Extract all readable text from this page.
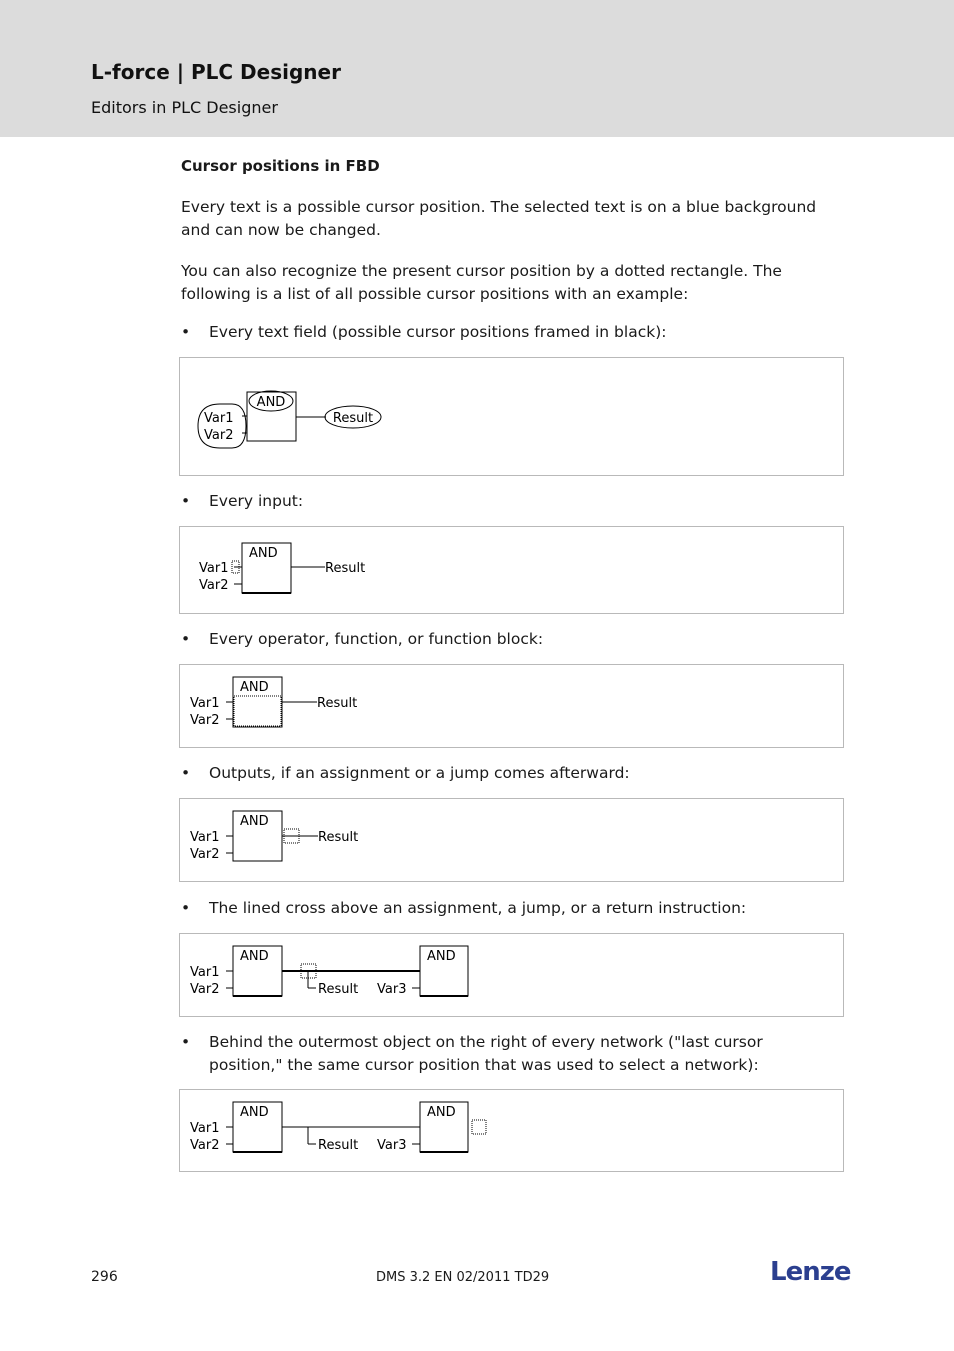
L-force | PLC Designer
Editors in PLC Designer
Cursor positions in FBD
Every text is a possible cursor position. The selected text is on a blue background and can now be changed.
You can also recognize the present cursor position by a dotted rectangle. The following is a list of all possible cursor positions with an example:
• Every text field (possible cursor positions framed in black):
AND
Var1
Var2
Result
• Every input:
AND
Var1
Var2
Result
• Every operator, function, or function block:
AND
Var1
Var2
Result
• Outputs, if an assignment or a jump comes afterward:
AND
Var1
Var2
Result
• The lined cross above an assignment, a jump, or a return instruction:
AND
Var1
Var2	Result
AND
Var3
• Behind the outermost object on the right of every network ("last cursor position," the same cursor position that was used to select a network):
AND
Var1
Var2	Result
AND
Var3
296	DMS 3.2 EN 02/2011 TD29	Lenze
